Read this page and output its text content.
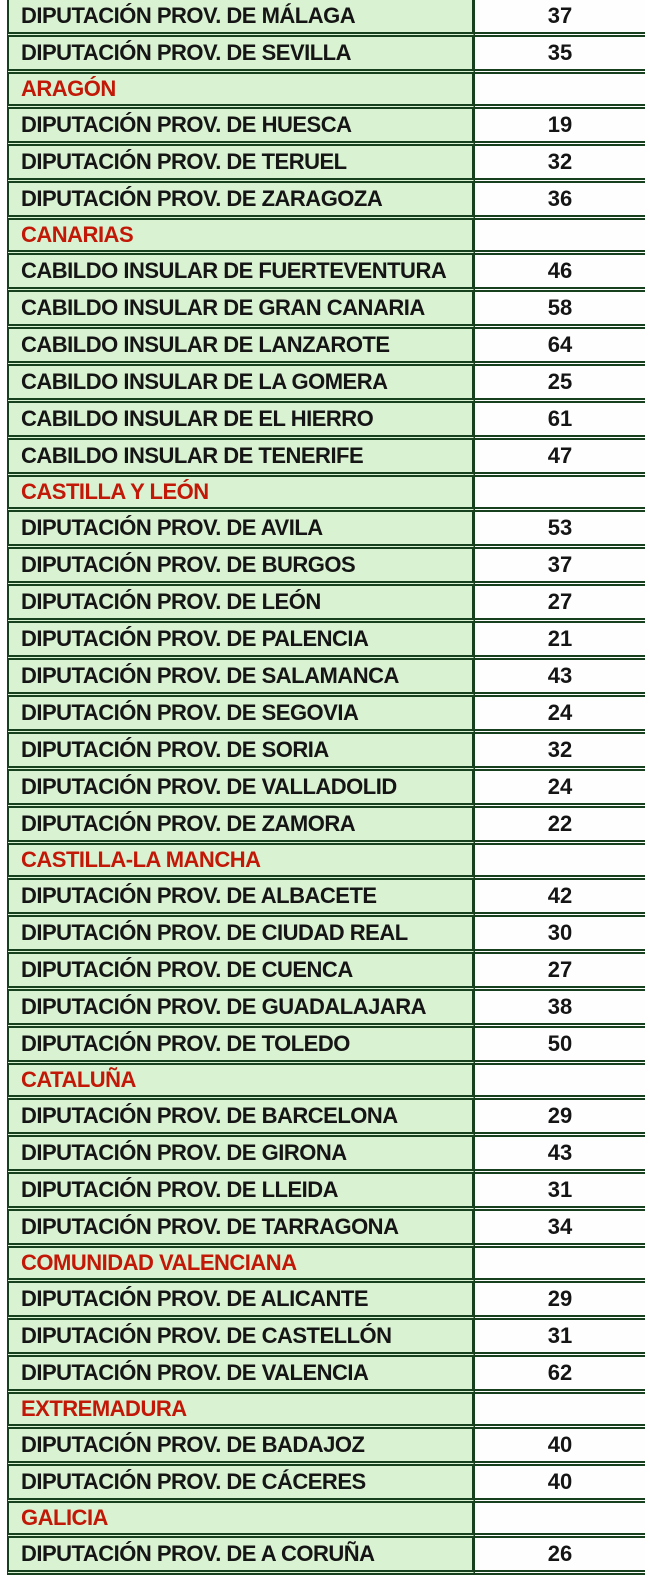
DIPUTACIÓN PROV. DE MÁLAGA	37
DIPUTACIÓN PROV. DE SEVILLA	35
ARAGÓN	
DIPUTACIÓN PROV. DE HUESCA	19
DIPUTACIÓN PROV. DE TERUEL	32
DIPUTACIÓN PROV. DE ZARAGOZA	36
CANARIAS	
CABILDO INSULAR DE FUERTEVENTURA	46
CABILDO INSULAR DE GRAN CANARIA	58
CABILDO INSULAR DE LANZAROTE	64
CABILDO INSULAR DE LA GOMERA	25
CABILDO INSULAR DE EL HIERRO	61
CABILDO INSULAR DE TENERIFE	47
CASTILLA Y LEÓN	
DIPUTACIÓN PROV. DE AVILA	53
DIPUTACIÓN PROV. DE BURGOS	37
DIPUTACIÓN PROV. DE LEÓN	27
DIPUTACIÓN PROV. DE PALENCIA	21
DIPUTACIÓN PROV. DE SALAMANCA	43
DIPUTACIÓN PROV. DE SEGOVIA	24
DIPUTACIÓN PROV. DE SORIA	32
DIPUTACIÓN PROV. DE VALLADOLID	24
DIPUTACIÓN PROV. DE ZAMORA	22
CASTILLA-LA MANCHA	
DIPUTACIÓN PROV. DE ALBACETE	42
DIPUTACIÓN PROV. DE CIUDAD REAL	30
DIPUTACIÓN PROV. DE CUENCA	27
DIPUTACIÓN PROV. DE GUADALAJARA	38
DIPUTACIÓN PROV. DE TOLEDO	50
CATALUÑA	
DIPUTACIÓN PROV. DE BARCELONA	29
DIPUTACIÓN PROV. DE GIRONA	43
DIPUTACIÓN PROV. DE LLEIDA	31
DIPUTACIÓN PROV. DE TARRAGONA	34
COMUNIDAD VALENCIANA	
DIPUTACIÓN PROV. DE ALICANTE	29
DIPUTACIÓN PROV. DE CASTELLÓN	31
DIPUTACIÓN PROV. DE VALENCIA	62
EXTREMADURA	
DIPUTACIÓN PROV. DE BADAJOZ	40
DIPUTACIÓN PROV. DE CÁCERES	40
GALICIA	
DIPUTACIÓN PROV. DE A CORUÑA	26
